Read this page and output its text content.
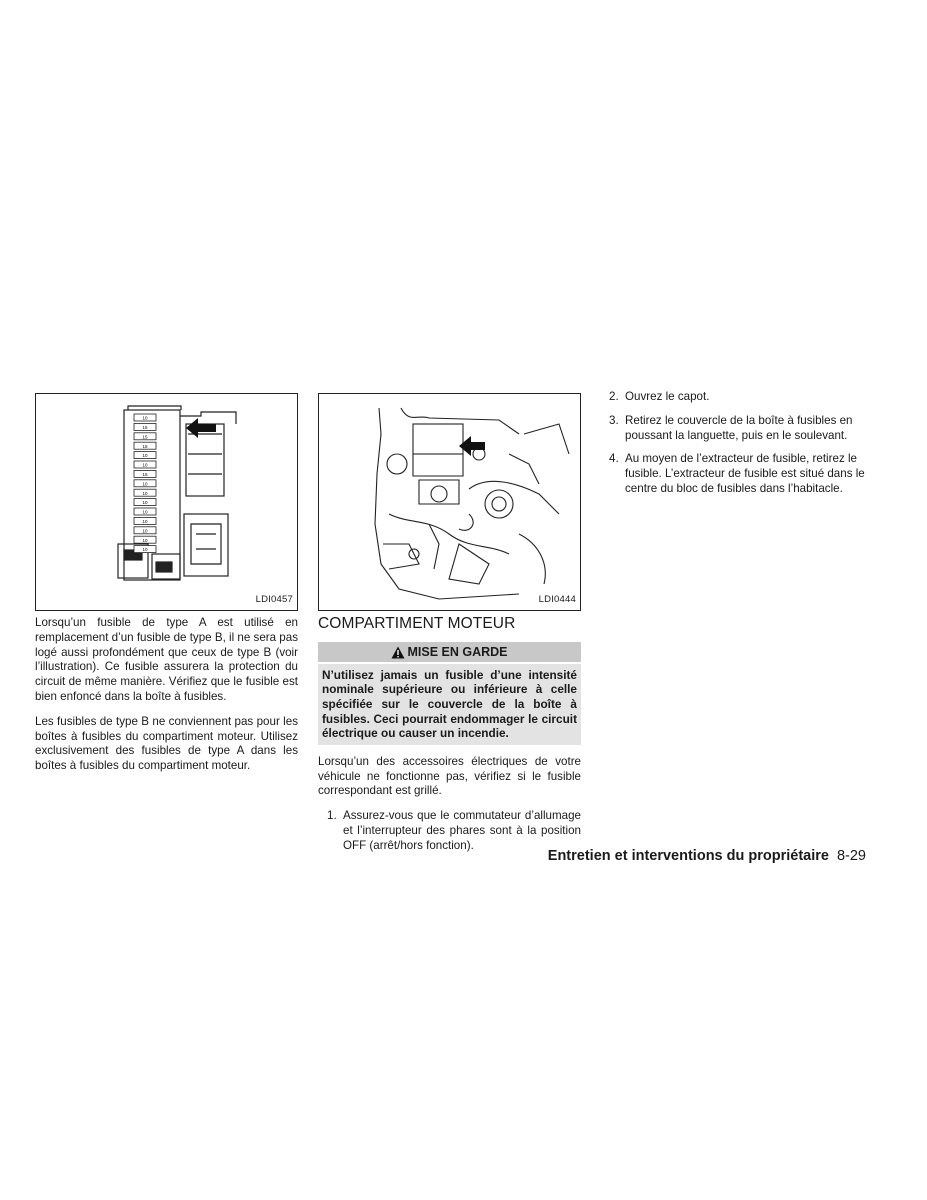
10
15
15
15
10
10
15
10
10
10
10
10
10
10
10
LDI0457

Lorsqu’un fusible de type A est utilisé en remplacement d’un fusible de type B, il ne sera pas logé aussi profondément que ceux de type B (voir l’illustration). Ce fusible assurera la protection du circuit de même manière. Vérifiez que le fusible est bien enfoncé dans la boîte à fusibles.

Les fusibles de type B ne conviennent pas pour les boîtes à fusibles du compartiment moteur. Utilisez exclusivement des fusibles de type A dans les boîtes à fusibles du compartiment moteur.

LDI0444
COMPARTIMENT MOTEUR
MISE EN GARDE
N’utilisez jamais un fusible d’une intensité nominale supérieure ou inférieure à celle spécifiée sur le couvercle de la boîte à fusibles. Ceci pourrait endommager le circuit électrique ou causer un incendie.

Lorsqu’un des accessoires électriques de votre véhicule ne fonctionne pas, vérifiez si le fusible correspondant est grillé.

1. Assurez-vous que le commutateur d’allumage et l’interrupteur des phares sont à la position OFF (arrêt/hors fonction).
2. Ouvrez le capot.
3. Retirez le couvercle de la boîte à fusibles en poussant la languette, puis en le soulevant.
4. Au moyen de l’extracteur de fusible, retirez le fusible. L’extracteur de fusible est situé dans le centre du bloc de fusibles dans l’habitacle.
Entretien et interventions du propriétaire 8-29
